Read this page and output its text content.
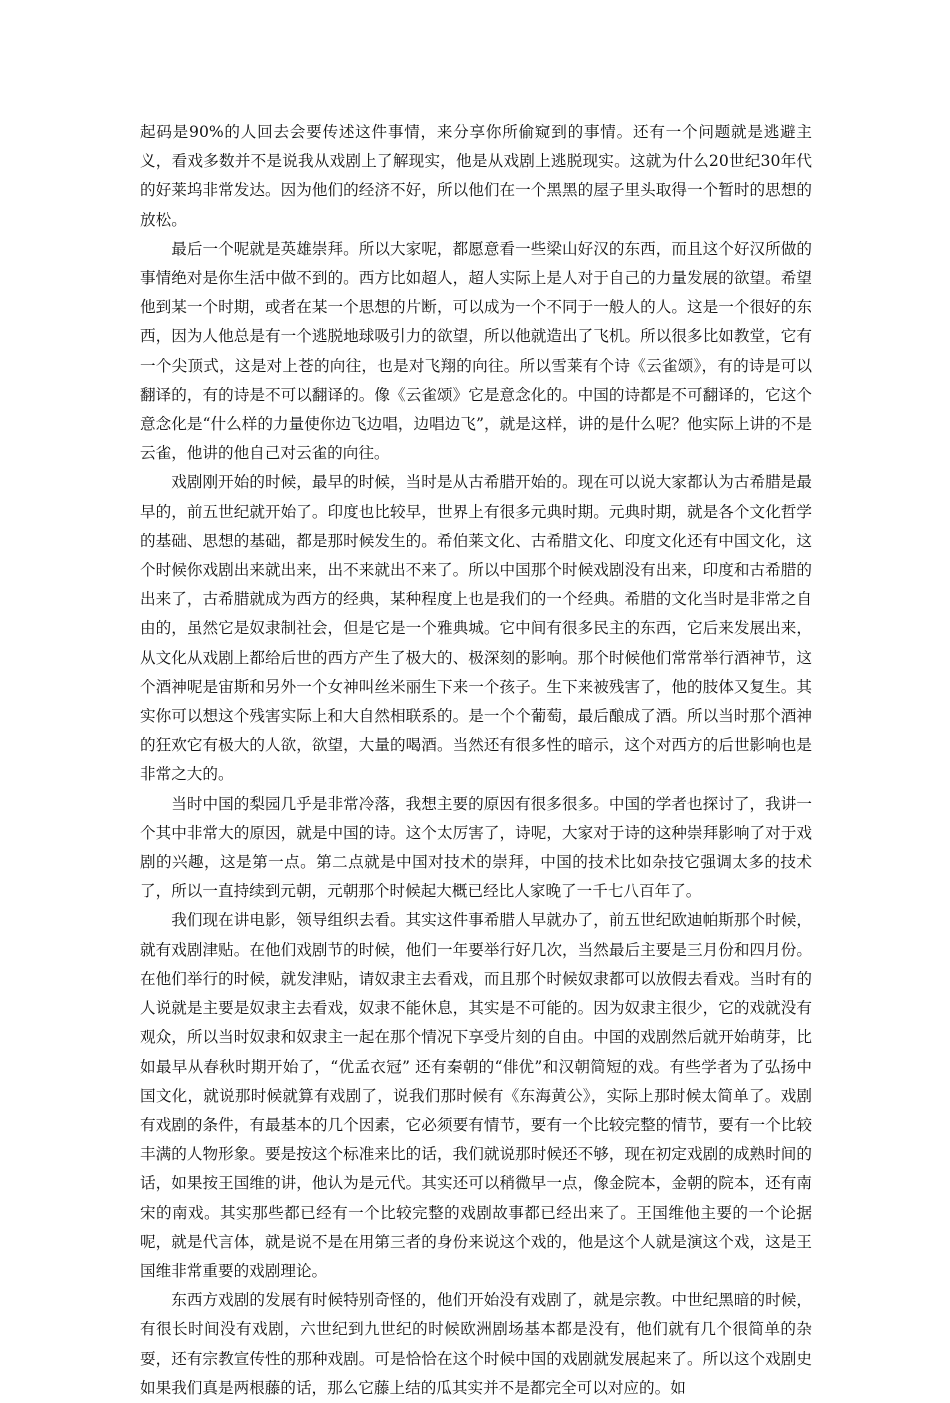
起码是90%的人回去会要传述这件事情，来分享你所偷窥到的事情。还有一个问题就是逃避主义，看戏多数并不是说我从戏剧上了解现实，他是从戏剧上逃脱现实。这就为什么20世纪30年代的好莱坞非常发达。因为他们的经济不好，所以他们在一个黑黑的屋子里头取得一个暂时的思想的放松。

最后一个呢就是英雄崇拜。所以大家呢，都愿意看一些梁山好汉的东西，而且这个好汉所做的事情绝对是你生活中做不到的。西方比如超人，超人实际上是人对于自己的力量发展的欲望。希望他到某一个时期，或者在某一个思想的片断，可以成为一个不同于一般人的人。这是一个很好的东西，因为人他总是有一个逃脱地球吸引力的欲望，所以他就造出了飞机。所以很多比如教堂，它有一个尖顶式，这是对上苍的向往，也是对飞翔的向往。所以雪莱有个诗《云雀颂》，有的诗是可以翻译的，有的诗是不可以翻译的。像《云雀颂》它是意念化的。中国的诗都是不可翻译的，它这个意念化是“什么样的力量使你边飞边唱，边唱边飞”，就是这样，讲的是什么呢？他实际上讲的不是云雀，他讲的他自己对云雀的向往。

戏剧刚开始的时候，最早的时候，当时是从古希腊开始的。现在可以说大家都认为古希腊是最早的，前五世纪就开始了。印度也比较早，世界上有很多元典时期。元典时期，就是各个文化哲学的基础、思想的基础，都是那时候发生的。希伯莱文化、古希腊文化、印度文化还有中国文化，这个时候你戏剧出来就出来，出不来就出不来了。所以中国那个时候戏剧没有出来，印度和古希腊的出来了，古希腊就成为西方的经典，某种程度上也是我们的一个经典。希腊的文化当时是非常之自由的，虽然它是奴隶制社会，但是它是一个雅典城。它中间有很多民主的东西，它后来发展出来，从文化从戏剧上都给后世的西方产生了极大的、极深刻的影响。那个时候他们常常举行酒神节，这个酒神呢是宙斯和另外一个女神叫丝米丽生下来一个孩子。生下来被残害了，他的肢体又复生。其实你可以想这个残害实际上和大自然相联系的。是一个个葡萄，最后酿成了酒。所以当时那个酒神的狂欢它有极大的人欲，欲望，大量的喝酒。当然还有很多性的暗示，这个对西方的后世影响也是非常之大的。

当时中国的梨园几乎是非常冷落，我想主要的原因有很多很多。中国的学者也探讨了，我讲一个其中非常大的原因，就是中国的诗。这个太厉害了，诗呢，大家对于诗的这种崇拜影响了对于戏剧的兴趣，这是第一点。第二点就是中国对技术的崇拜，中国的技术比如杂技它强调太多的技术了，所以一直持续到元朝，元朝那个时候起大概已经比人家晚了一千七八百年了。

我们现在讲电影，领导组织去看。其实这件事希腊人早就办了，前五世纪欧迪帕斯那个时候，就有戏剧津贴。在他们戏剧节的时候，他们一年要举行好几次，当然最后主要是三月份和四月份。在他们举行的时候，就发津贴，请奴隶主去看戏，而且那个时候奴隶都可以放假去看戏。当时有的人说就是主要是奴隶主去看戏，奴隶不能休息，其实是不可能的。因为奴隶主很少，它的戏就没有观众，所以当时奴隶和奴隶主一起在那个情况下享受片刻的自由。中国的戏剧然后就开始萌芽，比如最早从春秋时期开始了，“优孟衣冠” 还有秦朝的“俳优”和汉朝简短的戏。有些学者为了弘扬中国文化，就说那时候就算有戏剧了，说我们那时候有《东海黄公》，实际上那时候太简单了。戏剧有戏剧的条件，有最基本的几个因素，它必须要有情节，要有一个比较完整的情节，要有一个比较丰满的人物形象。要是按这个标准来比的话，我们就说那时候还不够，现在初定戏剧的成熟时间的话，如果按王国维的讲，他认为是元代。其实还可以稍微早一点，像金院本，金朝的院本，还有南宋的南戏。其实那些都已经有一个比较完整的戏剧故事都已经出来了。王国维他主要的一个论据呢，就是代言体，就是说不是在用第三者的身份来说这个戏的，他是这个人就是演这个戏，这是王国维非常重要的戏剧理论。

东西方戏剧的发展有时候特别奇怪的，他们开始没有戏剧了，就是宗教。中世纪黑暗的时候，有很长时间没有戏剧，六世纪到九世纪的时候欧洲剧场基本都是没有，他们就有几个很简单的杂耍，还有宗教宣传性的那种戏剧。可是恰恰在这个时候中国的戏剧就发展起来了。所以这个戏剧史如果我们真是两根藤的话，那么它藤上结的瓜其实并不是都完全可以对应的。如
